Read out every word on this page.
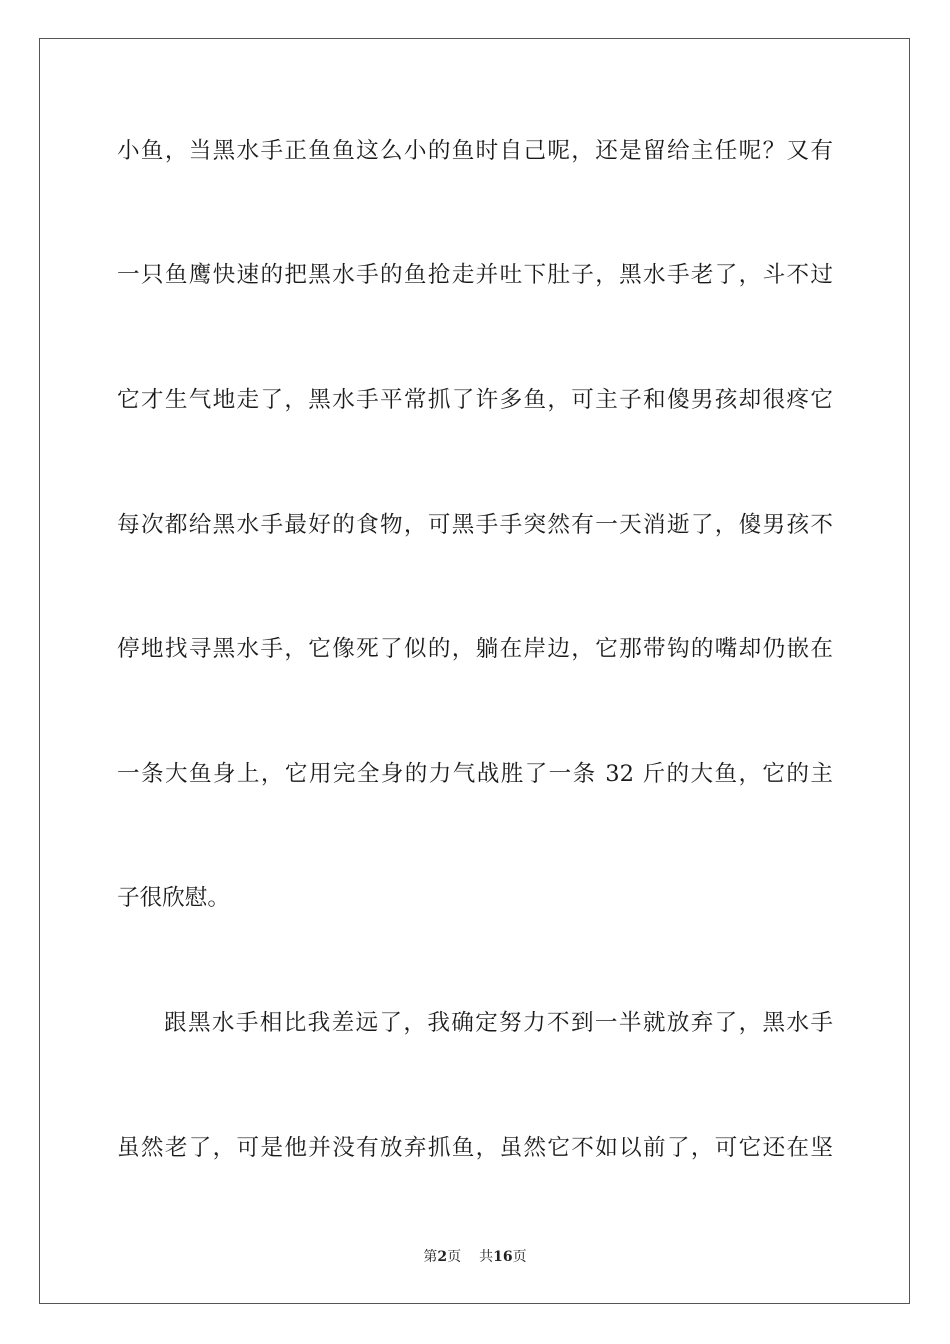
小鱼，当黑水手正鱼鱼这么小的鱼时自己呢，还是留给主任呢？又有
一只鱼鹰快速的把黑水手的鱼抢走并吐下肚子，黑水手老了，斗不过
它才生气地走了，黑水手平常抓了许多鱼，可主子和傻男孩却很疼它
每次都给黑水手最好的食物，可黑手手突然有一天消逝了，傻男孩不
停地找寻黑水手，它像死了似的，躺在岸边，它那带钩的嘴却仍嵌在
一条大鱼身上，它用完全身的力气战胜了一条 32 斤的大鱼，它的主
子很欣慰。
跟黑水手相比我差远了，我确定努力不到一半就放弃了，黑水手
虽然老了，可是他并没有放弃抓鱼，虽然它不如以前了，可它还在坚
第2页 共16页
